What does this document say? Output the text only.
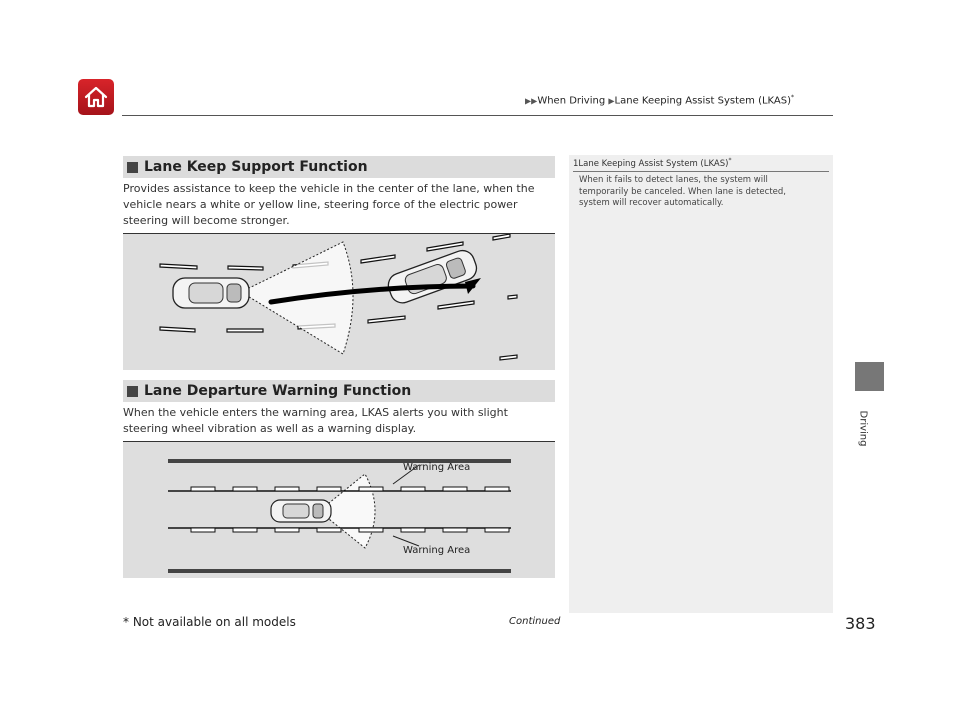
▶▶When Driving ▶Lane Keeping Assist System (LKAS)*
Lane Keep Support Function
Provides assistance to keep the vehicle in the center of the lane, when the vehicle nears a white or yellow line, steering force of the electric power steering will become stronger.
Lane Departure Warning Function
When the vehicle enters the warning area, LKAS alerts you with slight steering wheel vibration as well as a warning display.
Warning Area
Warning Area
1Lane Keeping Assist System (LKAS)*
When it fails to detect lanes, the system will temporarily be canceled. When lane is detected, system will recover automatically.
Driving
* Not available on all models	Continued	383
